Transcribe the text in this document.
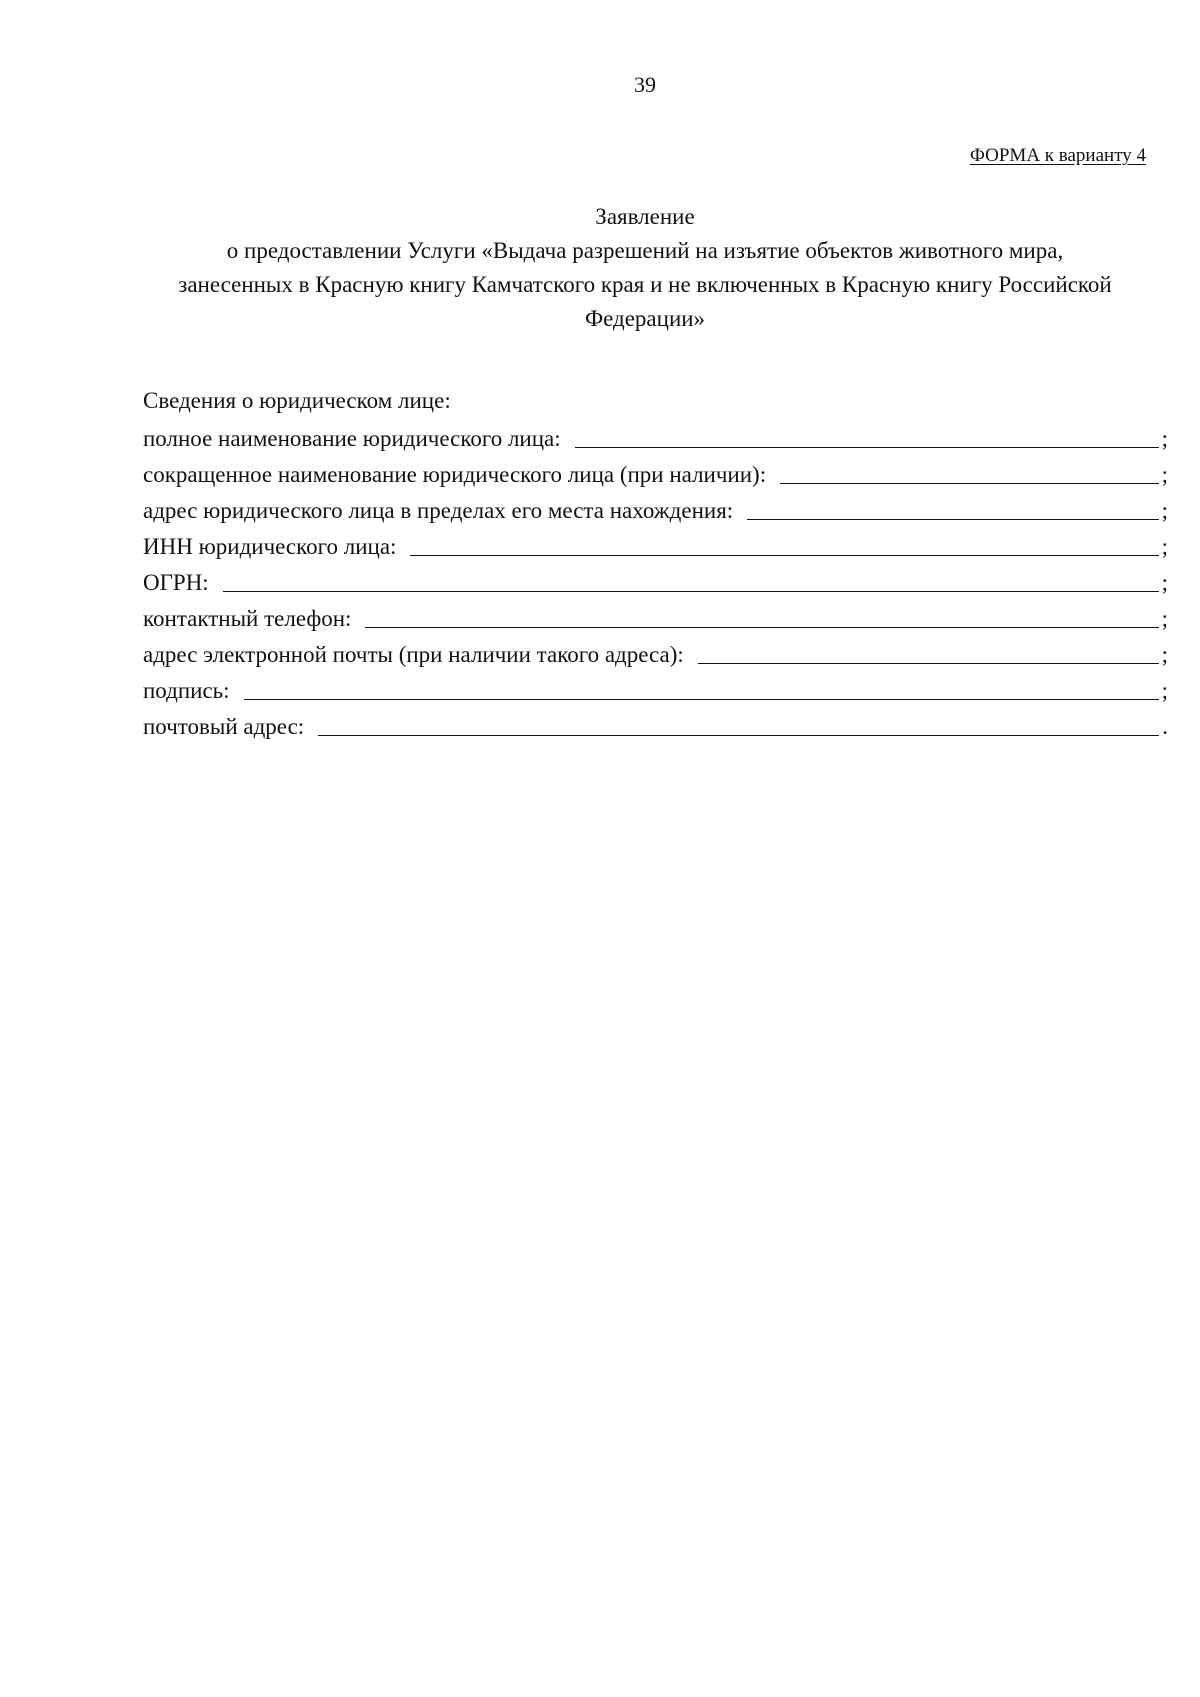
39
ФОРМА к варианту 4
Заявление
о предоставлении Услуги «Выдача разрешений на изъятие объектов животного мира,
занесенных в Красную книгу Камчатского края и не включенных в Красную книгу Российской
Федерации»
Сведения о юридическом лице:
полное наименование юридического лица:	;
сокращенное наименование юридического лица (при наличии):	;
адрес юридического лица в пределах его места нахождения:	;
ИНН юридического лица:	;
ОГРН:	;
контактный телефон:	;
адрес электронной почты (при наличии такого адреса):	;
подпись:	;
почтовый адрес:	.
